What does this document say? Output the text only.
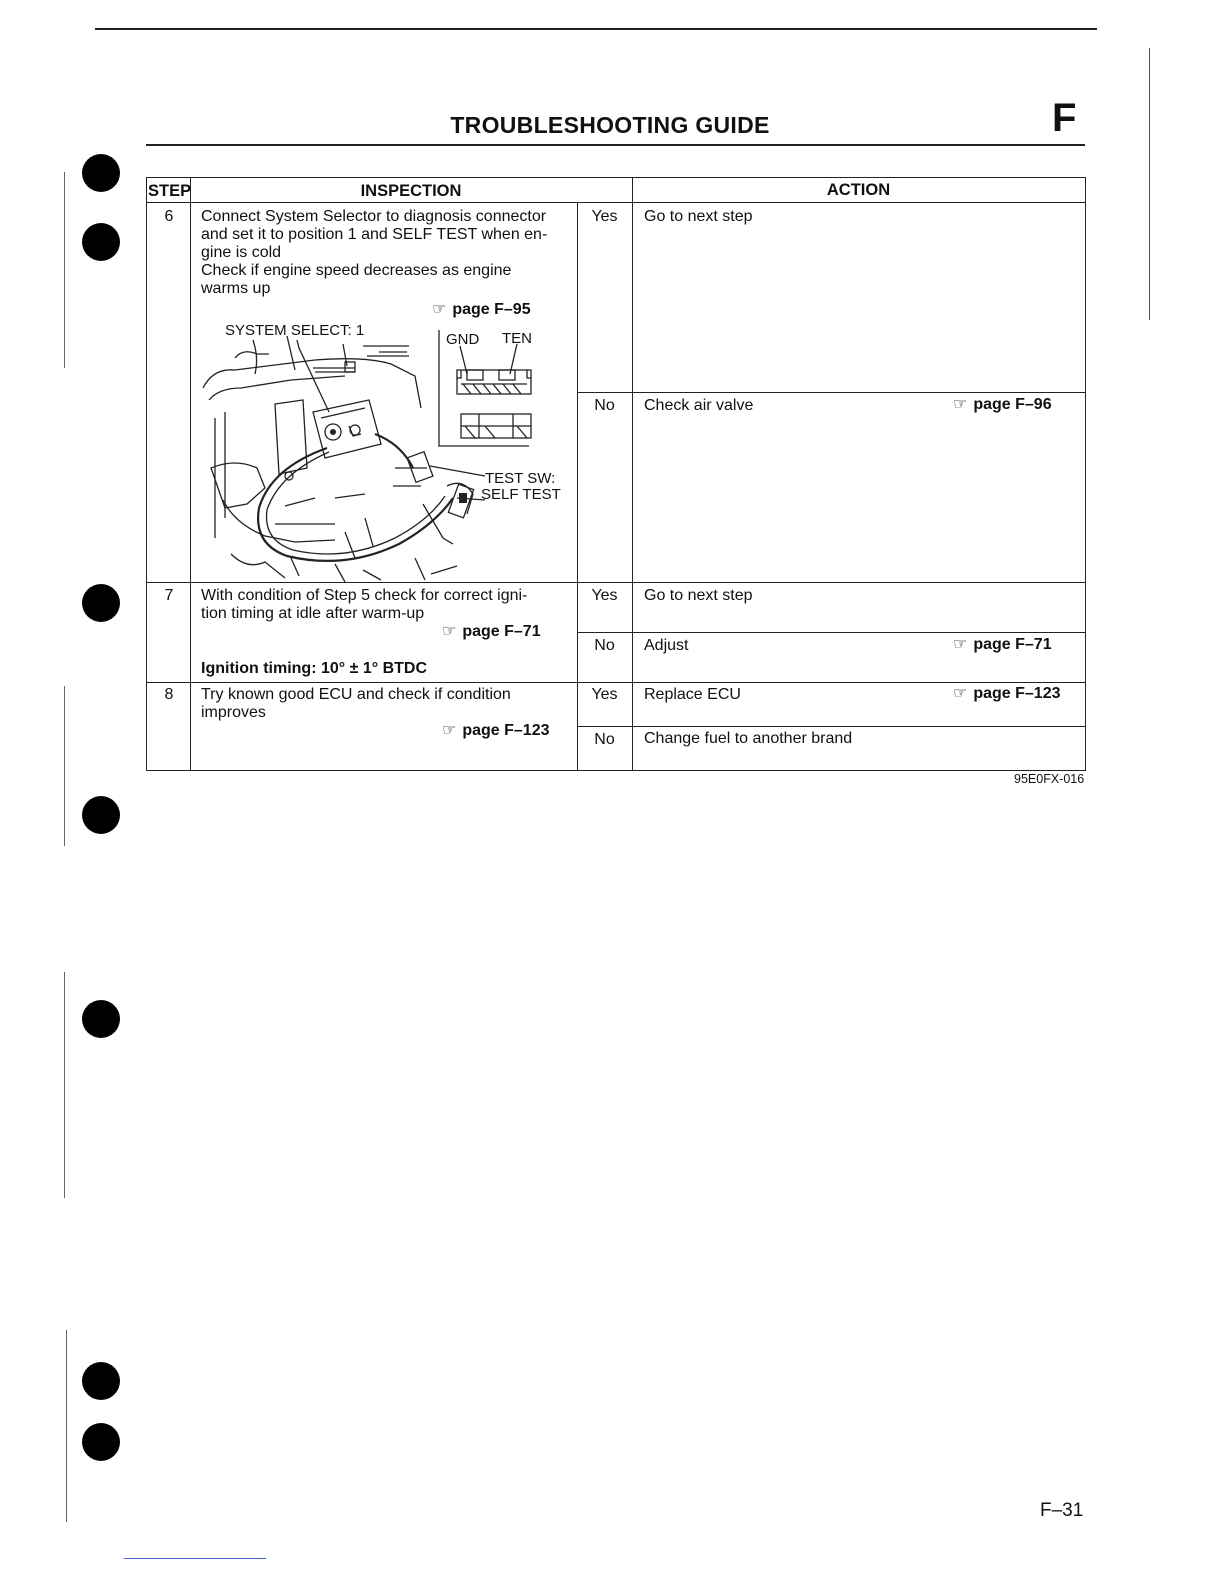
TROUBLESHOOTING GUIDE	F
STEP	INSPECTION	ACTION
6	Connect System Selector to diagnosis connector
and set it to position 1 and SELF TEST when en-
gine is cold
Check if engine speed decreases as engine
warms up
☞ page F–95
SYSTEM SELECT: 1
GND TEN
TEST SW:
SELF TEST
Yes	Go to next step
No	Check air valve	☞ page F–96
7	With condition of Step 5 check for correct igni-
tion timing at idle after warm-up
☞ page F–71
Ignition timing: 10° ± 1° BTDC
Yes	Go to next step
No	Adjust	☞ page F–71
8	Try known good ECU and check if condition
improves
☞ page F–123
Yes	Replace ECU	☞ page F–123
No	Change fuel to another brand
95E0FX-016
F–31
